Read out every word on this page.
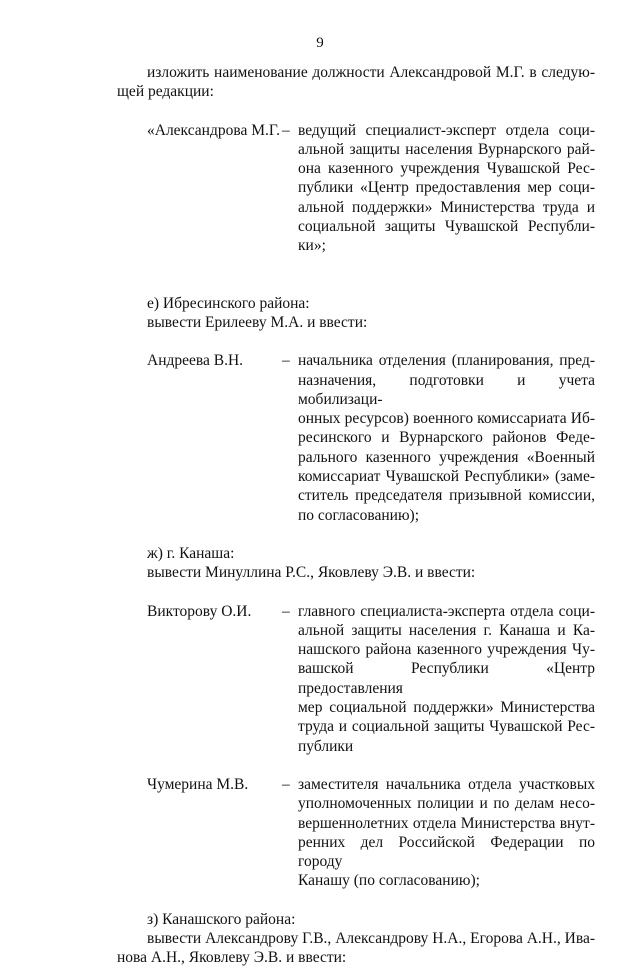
9
изложить наименование должности Александровой М.Г. в следую-
щей редакции:
«Александрова М.Г. – ведущий специалист-эксперт отдела соци-
альной защиты населения Вурнарского рай-
она казенного учреждения Чувашской Рес-
публики «Центр предоставления мер соци-
альной поддержки» Министерства труда и
социальной защиты Чувашской Республи-
ки»;

е) Ибресинского района:

вывести Ерилееву М.А. и ввести:

Андреева В.Н.	– начальника отделения (планирования, пред-
назначения, подготовки и учета мобилизаци-
онных ресурсов) военного комиссариата Иб-
ресинского и Вурнарского районов Феде-
рального казенного учреждения «Военный
комиссариат Чувашской Республики» (заме-
ститель председателя призывной комиссии,
по согласованию);

ж) г. Канаша:

вывести Минуллина Р.С., Яковлеву Э.В. и ввести:

Викторову О.И.	– главного специалиста-эксперта отдела соци-
альной защиты населения г. Канаша и Ка-
нашского района казенного учреждения Чу-
вашской Республики «Центр предоставления
мер социальной поддержки» Министерства
труда и социальной защиты Чувашской Рес-
публики
Чумерина М.В.	– заместителя начальника отдела участковых
уполномоченных полиции и по делам несо-
вершеннолетних отдела Министерства внут-
ренних дел Российской Федерации по городу
Канашу (по согласованию);

з) Канашского района:

вывести Александрову Г.В., Александрову Н.А., Егорова А.Н., Ива-
нова А.Н., Яковлеву Э.В. и ввести:
